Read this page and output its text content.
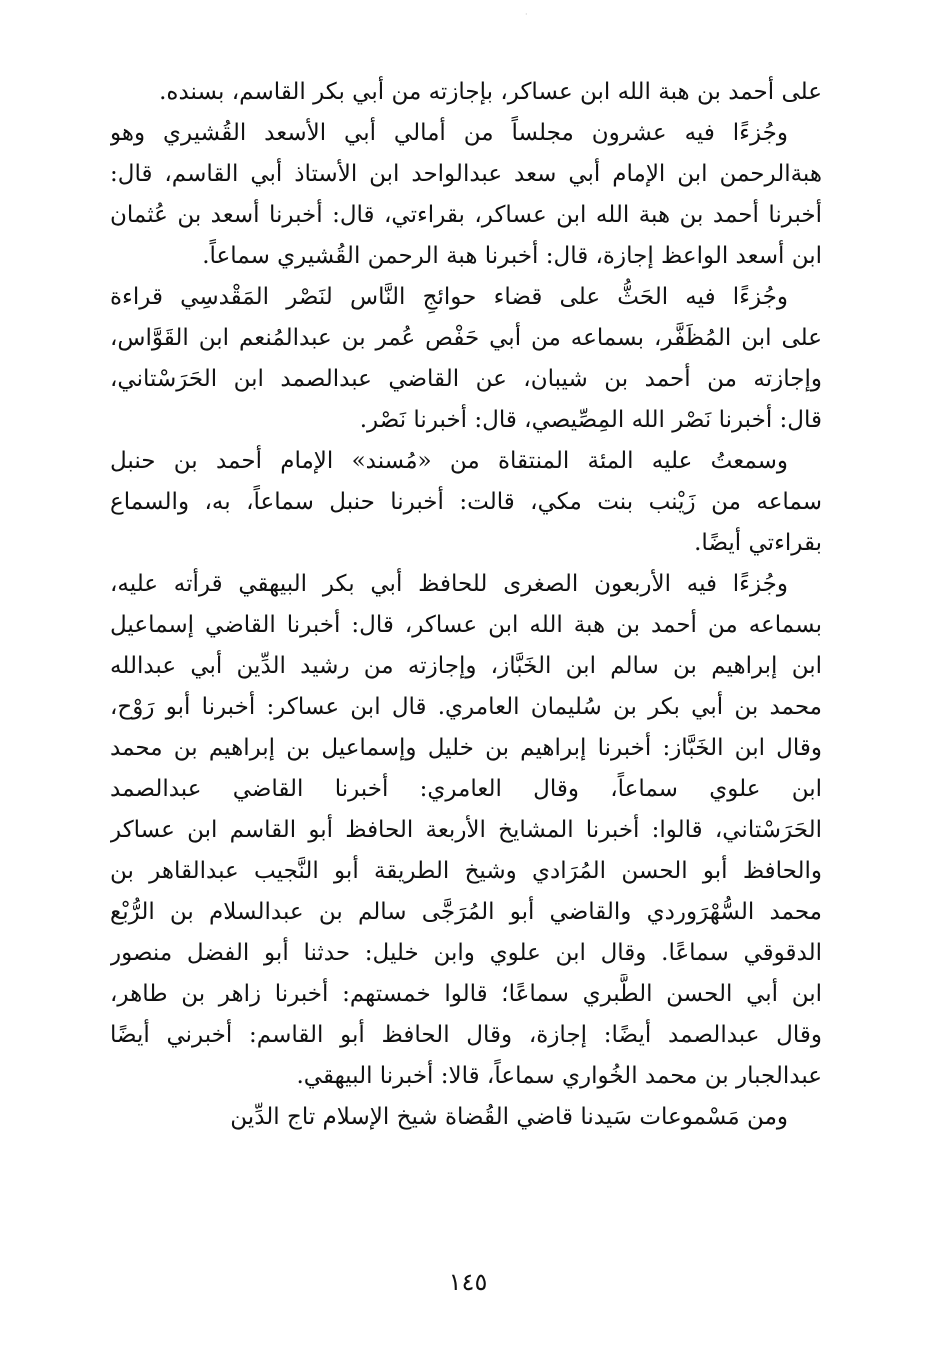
·
على أحمد بن هبة الله ابن عساكر، بإجازته من أبي بكر القاسم، بسنده.
وجُزءًا فيه عشرون مجلساً من أمالي أبي الأسعد القُشيري وهو
هبةالرحمن ابن الإمام أبي سعد عبدالواحد ابن الأستاذ أبي القاسم، قال:
أخبرنا أحمد بن هبة الله ابن عساكر، بقراءتي، قال: أخبرنا أسعد بن عُثمان
ابن أسعد الواعظ إجازة، قال: أخبرنا هبة الرحمن القُشيري سماعاً.
وجُزءًا فيه الحَثُّ على قضاء حوائجِ النَّاس لنَصْر المَقْدسِي قراءة
على ابن المُظَفَّر، بسماعه من أبي حَفْص عُمر بن عبدالمُنعم ابن القَوَّاس،
وإجازته من أحمد بن شيبان، عن القاضي عبدالصمد ابن الحَرَسْتاني،
قال: أخبرنا نَصْر الله المِصِّيصي، قال: أخبرنا نَصْر.
وسمعتُ عليه المئة المنتقاة من «مُسند» الإمام أحمد بن حنبل
سماعه من زَيْنب بنت مكي، قالت: أخبرنا حنبل سماعاً، به، والسماع
بقراءتي أيضًا.
وجُزءًا فيه الأربعون الصغرى للحافظ أبي بكر البيهقي قرأته عليه،
بسماعه من أحمد بن هبة الله ابن عساكر، قال: أخبرنا القاضي إسماعيل
ابن إبراهيم بن سالم ابن الخَبَّاز، وإجازته من رشيد الدِّين أبي عبدالله
محمد بن أبي بكر بن سُليمان العامري. قال ابن عساكر: أخبرنا أبو رَوْح،
وقال ابن الخَبَّاز: أخبرنا إبراهيم بن خليل وإسماعيل بن إبراهيم بن محمد
ابن علوي سماعاً، وقال العامري: أخبرنا القاضي عبدالصمد
الحَرَسْتاني، قالوا: أخبرنا المشايخ الأربعة الحافظ أبو القاسم ابن عساكر
والحافظ أبو الحسن المُرَادي وشيخ الطريقة أبو النَّجيب عبدالقاهر بن
محمد السُّهْرَوردي والقاضي أبو المُرَجَّى سالم بن عبدالسلام بن الرُّبْع
الدقوقي سماعًا. وقال ابن علوي وابن خليل: حدثنا أبو الفضل منصور
ابن أبي الحسن الطَّبري سماعًا؛ قالوا خمستهم: أخبرنا زاهر بن طاهر،
وقال عبدالصمد أيضًا: إجازة، وقال الحافظ أبو القاسم: أخبرني أيضًا
عبدالجبار بن محمد الخُواري سماعاً، قالا: أخبرنا البيهقي.
ومن مَسْموعات سَيدنا قاضي القُضاة شيخ الإسلام تاج الدِّين
١٤٥
